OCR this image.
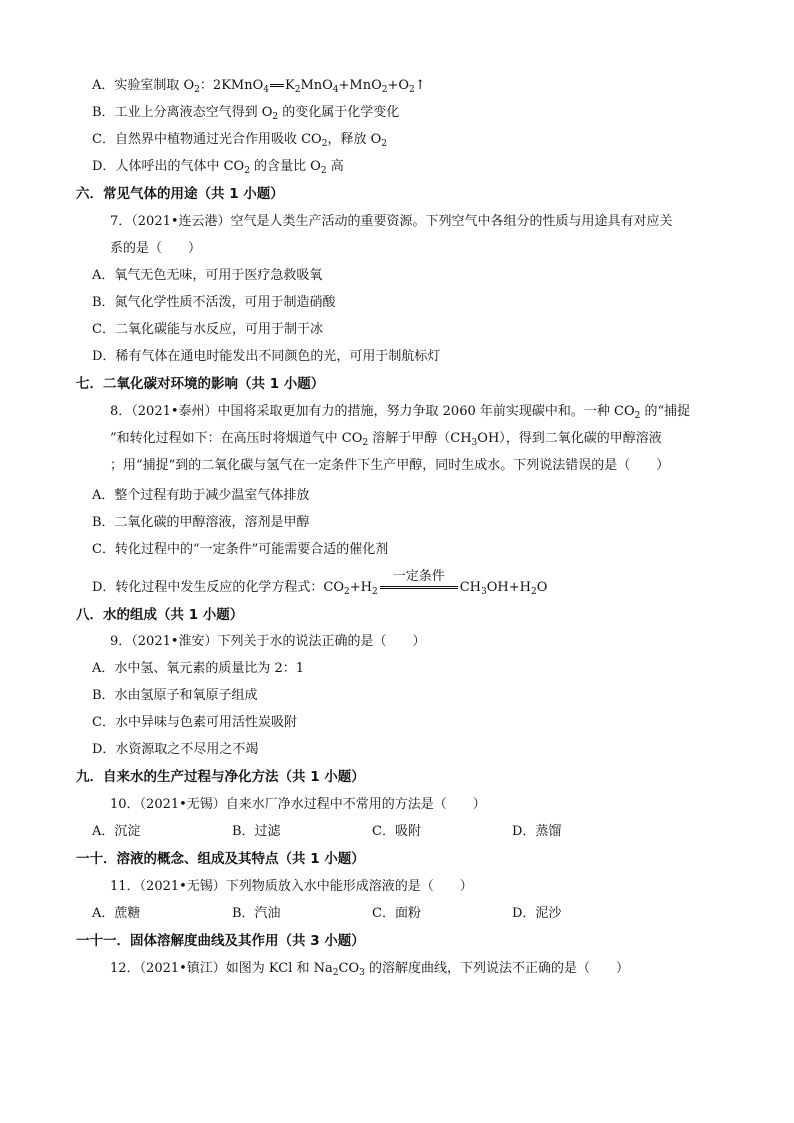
A．实验室制取 $O_2$：2KMnO$_4$ $K_2MnO_4+MnO_2+O_2↑$
B．工业上分离液态空气得到 $O_2$ 的变化属于化学变化
C．自然界中植物通过光合作用吸收 $CO_2$，释放 $O_2$
D．人体呼出的气体中 $CO_2$ 的含量比 $O_2$ 高
六．常见气体的用途（共 1 小题）
7．（2021•连云港）空气是人类生产活动的重要资源。下列空气中各组分的性质与用途具有对应关
系的是（　　）
A．氧气无色无味，可用于医疗急救吸氧
B．氮气化学性质不活泼，可用于制造硝酸
C．二氧化碳能与水反应，可用于制干冰
D．稀有气体在通电时能发出不同颜色的光，可用于制航标灯
七．二氧化碳对环境的影响（共 1 小题）
8．（2021•泰州）中国将采取更加有力的措施，努力争取 2060 年前实现碳中和。一种 $CO_2$ 的“捕捉
”和转化过程如下：在高压时将烟道气中 $CO_2$ 溶解于甲醇$(CH_3OH)$，得到二氧化碳的甲醇溶液
；用“捕捉”到的二氧化碳与氢气在一定条件下生产甲醇，同时生成水。下列说法错误的是（　　）
A．整个过程有助于减少温室气体排放
B．二氧化碳的甲醇溶液，溶剂是甲醇
C．转化过程中的“一定条件”可能需要合适的催化剂
D．转化过程中发生反应的化学方程式：$CO_2+H_2$
一定条件
$CH_3OH+H_2O$
八．水的组成（共 1 小题）
9．（2021•淮安）下列关于水的说法正确的是（　　）
A．水中氢、氧元素的质量比为 2：1
B．水由氢原子和氧原子组成
C．水中异味与色素可用活性炭吸附
D．水资源取之不尽用之不竭
九．自来水的生产过程与净化方法（共 1 小题）
10．（2021•无锡）自来水厂净水过程中不常用的方法是（　　）
A．沉淀	B．过滤	C．吸附	D．蒸馏
一十．溶液的概念、组成及其特点（共 1 小题）
11．（2021•无锡）下列物质放入水中能形成溶液的是（　　）
A．蔗糖	B．汽油	C．面粉	D．泥沙
一十一．固体溶解度曲线及其作用（共 3 小题）
12．（2021•镇江）如图为 KCl 和 $Na_2CO_3$ 的溶解度曲线，下列说法不正确的是（　　）
